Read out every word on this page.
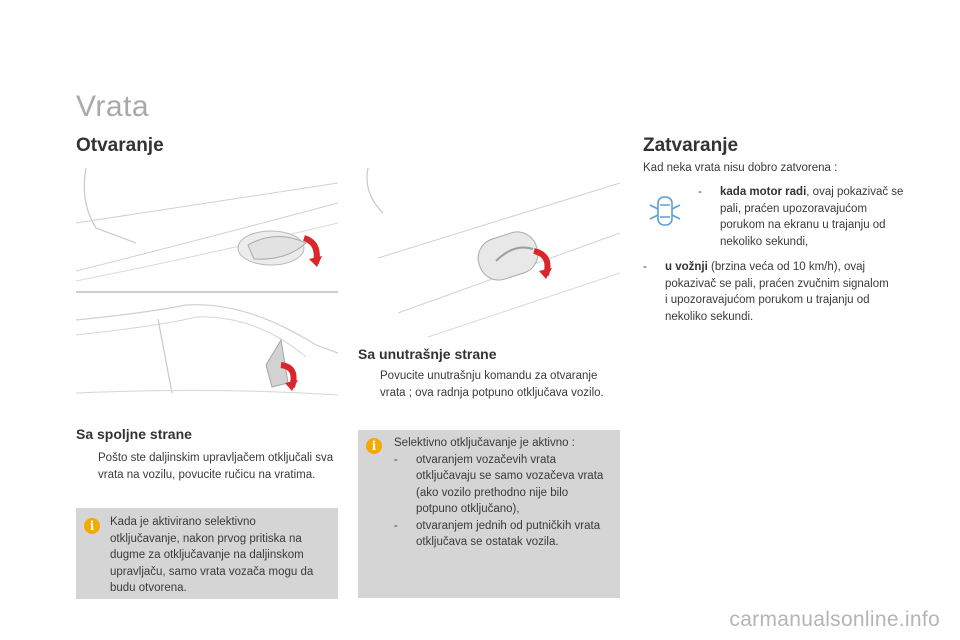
Vrata
Otvaranje	Zatvaranje
Sa spoljne strane
Pošto ste daljinskim upravljačem otključali sva vrata na vozilu, povucite ručicu na vratima.
i	Kada je aktivirano selektivno otključavanje, nakon prvog pritiska na dugme za otključavanje na daljinskom upravljaču, samo vrata vozača mogu da budu otvorena.
Sa unutrašnje strane
Povucite unutrašnju komandu za otvaranje vrata ; ova radnja potpuno otključava vozilo.
i	Selektivno otključavanje je aktivno :
-	otvaranjem vozačevih vrata otključavaju se samo vozačeva vrata (ako vozilo prethodno nije bilo potpuno otključano),
-	otvaranjem jednih od putničkih vrata otključava se ostatak vozila.
Kad neka vrata nisu dobro zatvorena :
-	kada motor radi, ovaj pokazivač se pali, praćen upozoravajućom porukom na ekranu u trajanju od nekoliko sekundi,
-	u vožnji (brzina veća od 10 km/h), ovaj pokazivač se pali, praćen zvučnim signalom i upozoravajućom porukom u trajanju od nekoliko sekundi.
carmanualsonline.info
